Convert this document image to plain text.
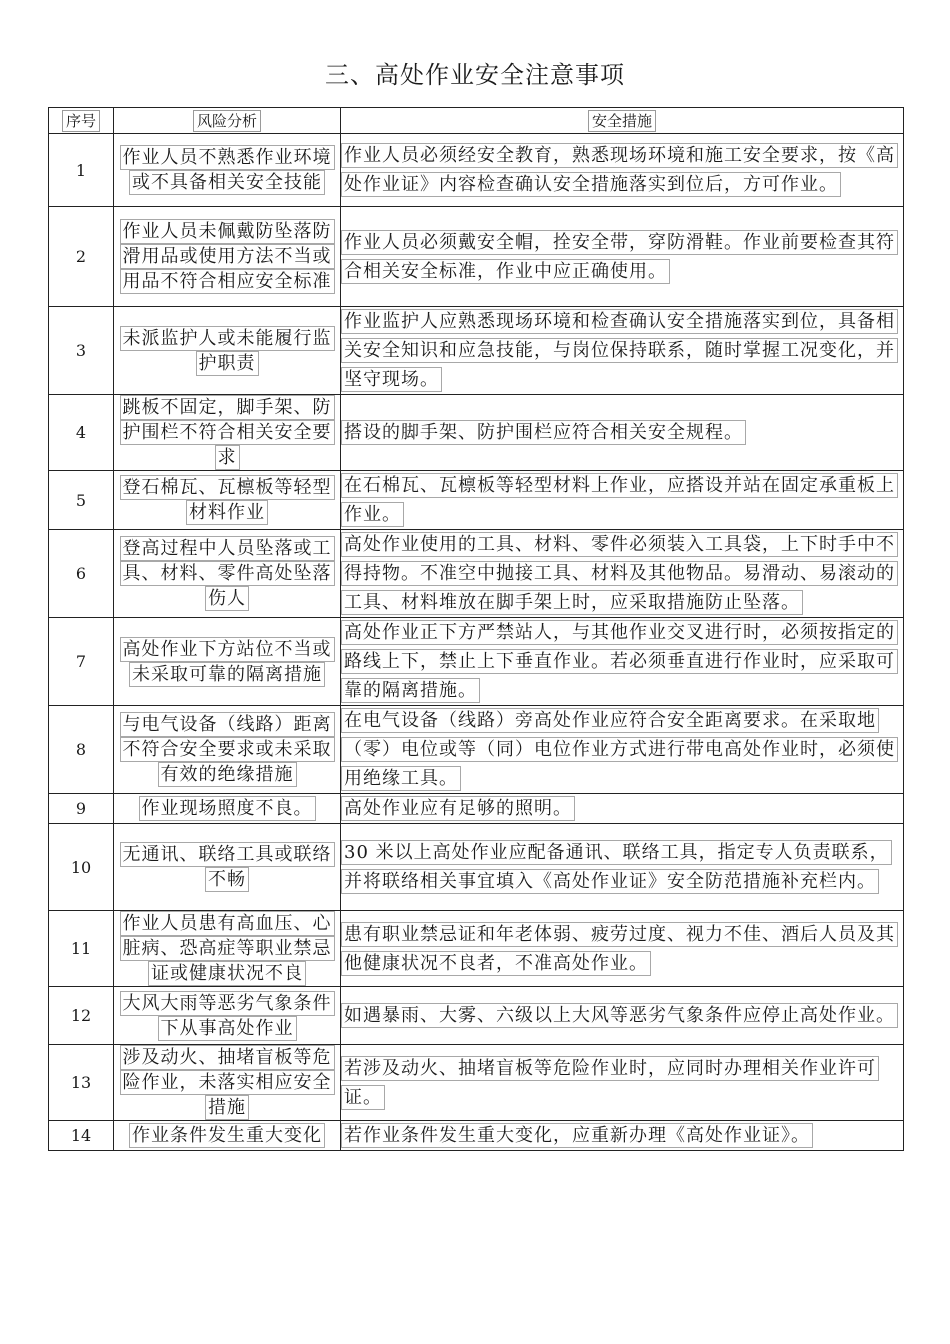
三、高处作业安全注意事项
序号	风险分析	安全措施
1	作业人员不熟悉作业环境或不具备相关安全技能	作业人员必须经安全教育，熟悉现场环境和施工安全要求，按《高处作业证》内容检查确认安全措施落实到位后，方可作业。
2	作业人员未佩戴防坠落防滑用品或使用方法不当或用品不符合相应安全标准	作业人员必须戴安全帽，拴安全带，穿防滑鞋。作业前要检查其符合相关安全标准，作业中应正确使用。
3	未派监护人或未能履行监护职责	作业监护人应熟悉现场环境和检查确认安全措施落实到位，具备相关安全知识和应急技能，与岗位保持联系，随时掌握工况变化，并坚守现场。
4	跳板不固定，脚手架、防护围栏不符合相关安全要求	搭设的脚手架、防护围栏应符合相关安全规程。
5	登石棉瓦、瓦檩板等轻型材料作业	在石棉瓦、瓦檩板等轻型材料上作业，应搭设并站在固定承重板上作业。
6	登高过程中人员坠落或工具、材料、零件高处坠落伤人	高处作业使用的工具、材料、零件必须装入工具袋，上下时手中不得持物。不准空中抛接工具、材料及其他物品。易滑动、易滚动的工具、材料堆放在脚手架上时，应采取措施防止坠落。
7	高处作业下方站位不当或未采取可靠的隔离措施	高处作业正下方严禁站人，与其他作业交叉进行时，必须按指定的路线上下，禁止上下垂直作业。若必须垂直进行作业时，应采取可靠的隔离措施。
8	与电气设备（线路）距离不符合安全要求或未采取有效的绝缘措施	在电气设备（线路）旁高处作业应符合安全距离要求。在采取地（零）电位或等（同）电位作业方式进行带电高处作业时，必须使用绝缘工具。
9	作业现场照度不良。	高处作业应有足够的照明。
10	无通讯、联络工具或联络不畅	30 米以上高处作业应配备通讯、联络工具，指定专人负责联系，并将联络相关事宜填入《高处作业证》安全防范措施补充栏内。
11	作业人员患有高血压、心脏病、恐高症等职业禁忌证或健康状况不良	患有职业禁忌证和年老体弱、疲劳过度、视力不佳、酒后人员及其他健康状况不良者，不准高处作业。
12	大风大雨等恶劣气象条件下从事高处作业	如遇暴雨、大雾、六级以上大风等恶劣气象条件应停止高处作业。
13	涉及动火、抽堵盲板等危险作业，未落实相应安全措施	若涉及动火、抽堵盲板等危险作业时，应同时办理相关作业许可证。
14	作业条件发生重大变化	若作业条件发生重大变化，应重新办理《高处作业证》。
